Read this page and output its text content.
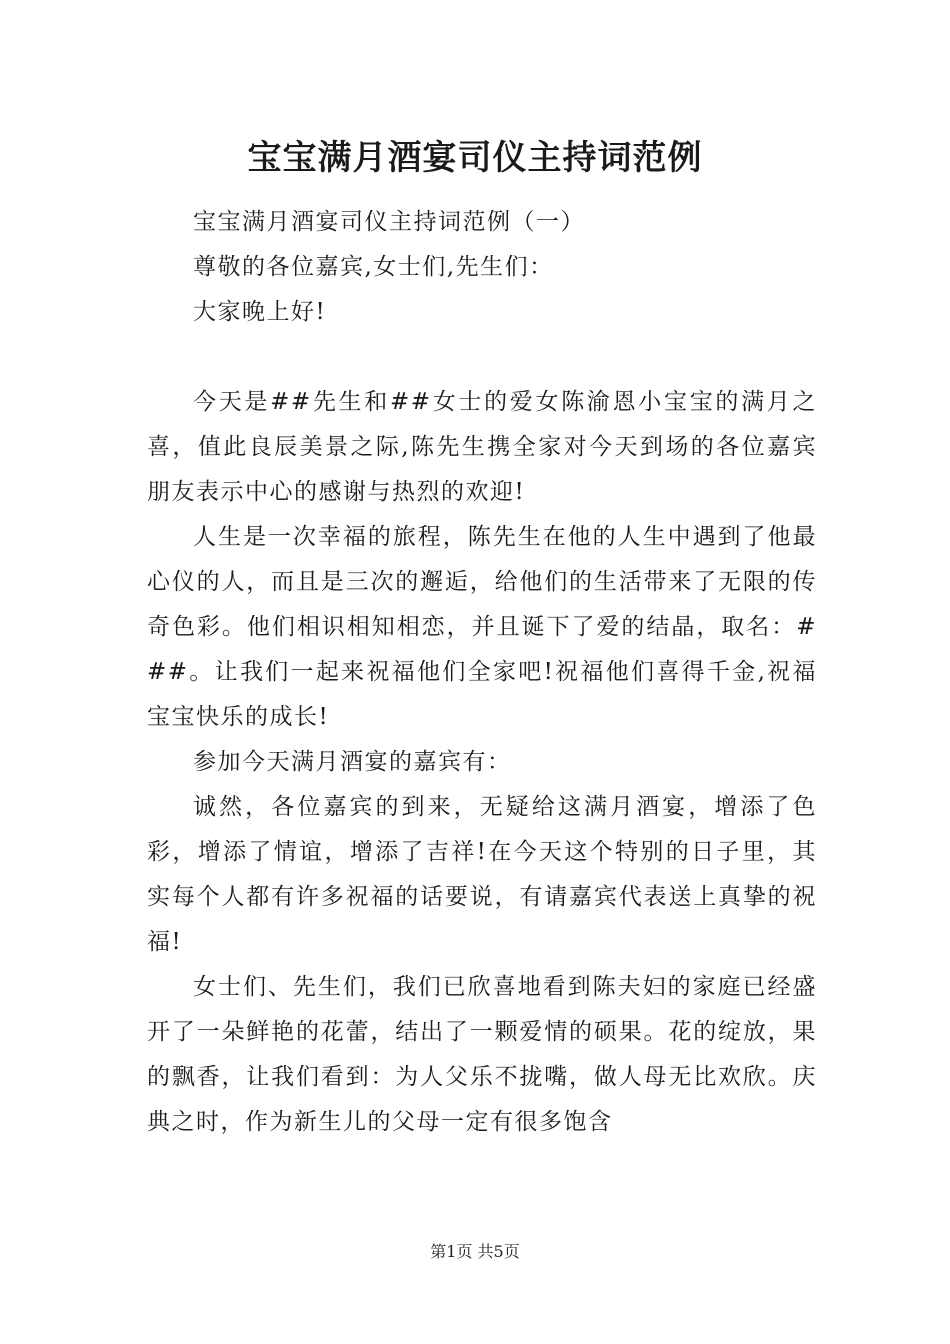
宝宝满月酒宴司仪主持词范例

宝宝满月酒宴司仪主持词范例（一）

尊敬的各位嘉宾,女士们,先生们：

大家晚上好!

今天是##先生和##女士的爱女陈渝恩小宝宝的满月之喜，值此良辰美景之际,陈先生携全家对今天到场的各位嘉宾朋友表示中心的感谢与热烈的欢迎!

人生是一次幸福的旅程，陈先生在他的人生中遇到了他最心仪的人，而且是三次的邂逅，给他们的生活带来了无限的传奇色彩。他们相识相知相恋，并且诞下了爱的结晶，取名：###。让我们一起来祝福他们全家吧!祝福他们喜得千金,祝福宝宝快乐的成长!

参加今天满月酒宴的嘉宾有：

诚然，各位嘉宾的到来，无疑给这满月酒宴，增添了色彩，增添了情谊，增添了吉祥!在今天这个特别的日子里，其实每个人都有许多祝福的话要说，有请嘉宾代表送上真挚的祝福!

女士们、先生们，我们已欣喜地看到陈夫妇的家庭已经盛开了一朵鲜艳的花蕾，结出了一颗爱情的硕果。花的绽放，果的飘香，让我们看到：为人父乐不拢嘴，做人母无比欢欣。庆典之时，作为新生儿的父母一定有很多饱含

第1页 共5页
